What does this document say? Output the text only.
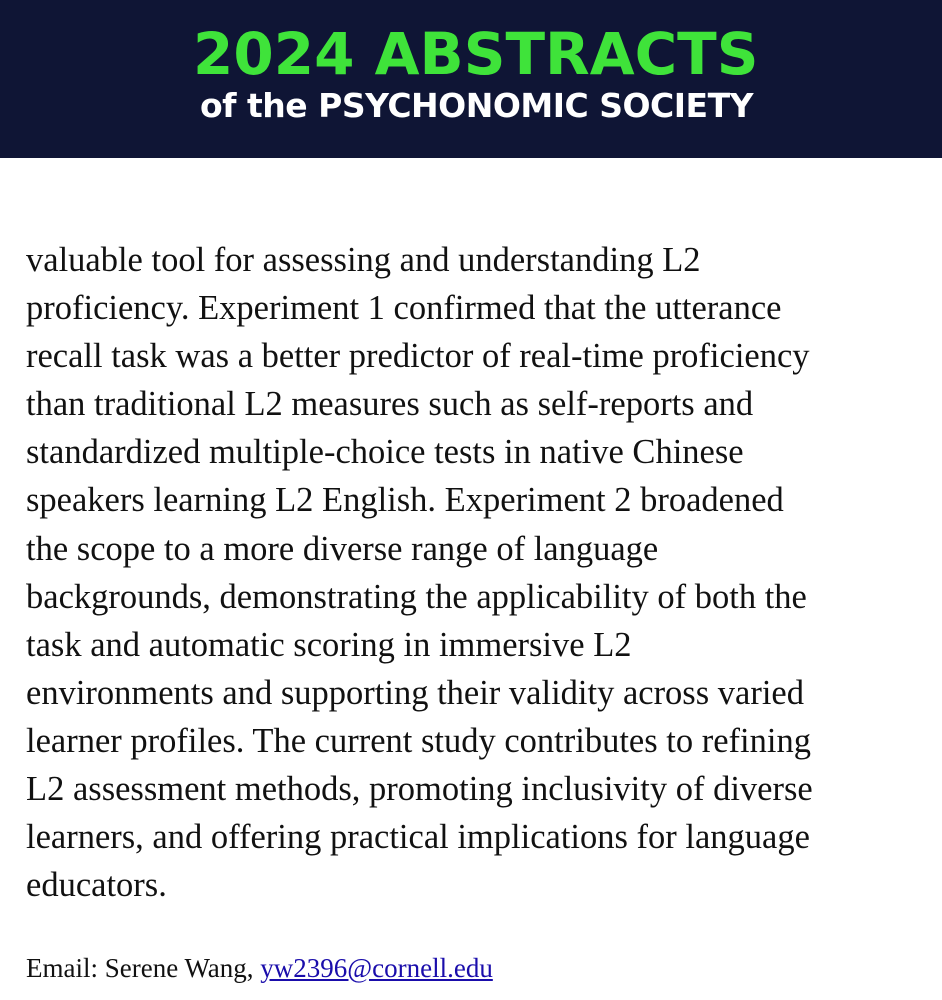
2024 ABSTRACTS
of the PSYCHONOMIC SOCIETY
valuable tool for assessing and understanding L2
proficiency. Experiment 1 confirmed that the utterance
recall task was a better predictor of real-time proficiency
than traditional L2 measures such as self-reports and
standardized multiple-choice tests in native Chinese
speakers learning L2 English. Experiment 2 broadened
the scope to a more diverse range of language
backgrounds, demonstrating the applicability of both the
task and automatic scoring in immersive L2
environments and supporting their validity across varied
learner profiles. The current study contributes to refining
L2 assessment methods, promoting inclusivity of diverse
learners, and offering practical implications for language
educators.
Email: Serene Wang, yw2396@cornell.edu
